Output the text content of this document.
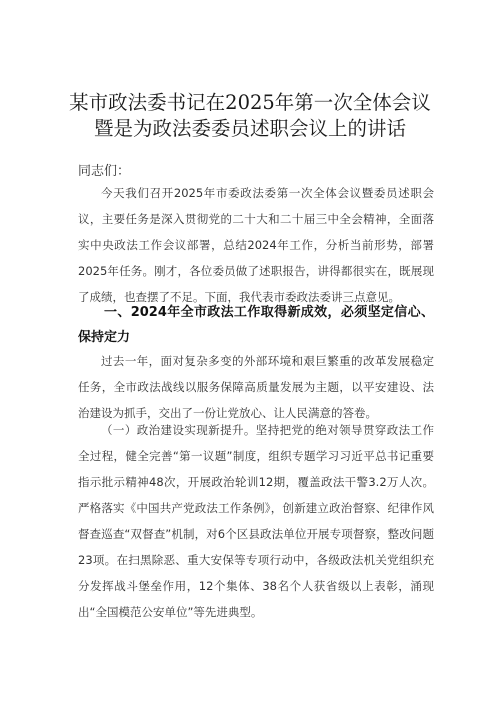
某市政法委书记在2025年第一次全体会议
暨是为政法委委员述职会议上的讲话
同志们：
今天我们召开2025年市委政法委第一次全体会议暨委员述职会议，主要任务是深入贯彻党的二十大和二十届三中全会精神，全面落实中央政法工作会议部署，总结2024年工作，分析当前形势，部署2025年任务。刚才，各位委员做了述职报告，讲得都很实在，既展现了成绩，也查摆了不足。下面，我代表市委政法委讲三点意见。
一、2024年全市政法工作取得新成效，必须坚定信心、保持定力
过去一年，面对复杂多变的外部环境和艰巨繁重的改革发展稳定任务，全市政法战线以服务保障高质量发展为主题，以平安建设、法治建设为抓手，交出了一份让党放心、让人民满意的答卷。
（一）政治建设实现新提升。坚持把党的绝对领导贯穿政法工作全过程，健全完善“第一议题”制度，组织专题学习习近平总书记重要指示批示精神48次，开展政治轮训12期，覆盖政法干警3.2万人次。严格落实《中国共产党政法工作条例》，创新建立政治督察、纪律作风督查巡查“双督查”机制，对6个区县政法单位开展专项督察，整改问题23项。在扫黑除恶、重大安保等专项行动中，各级政法机关党组织充分发挥战斗堡垒作用，12个集体、38名个人获省级以上表彰，涌现出“全国模范公安单位”等先进典型。
